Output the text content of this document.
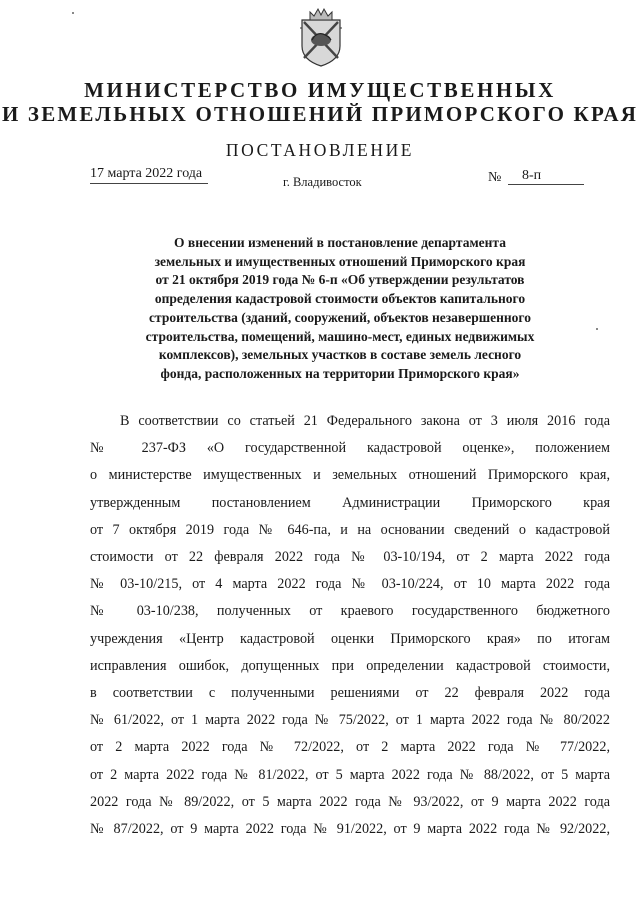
МИНИСТЕРСТВО ИМУЩЕСТВЕННЫХ
И ЗЕМЕЛЬНЫХ ОТНОШЕНИЙ ПРИМОРСКОГО КРАЯ
ПОСТАНОВЛЕНИЕ
17 марта 2022 года
г. Владивосток	№	8-п
О внесении изменений в постановление департамента
земельных и имущественных отношений Приморского края
от 21 октября 2019 года № 6-п «Об утверждении результатов
определения кадастровой стоимости объектов капитального
строительства (зданий, сооружений, объектов незавершенного
строительства, помещений, машино-мест, единых недвижимых
комплексов), земельных участков в составе земель лесного
фонда, расположенных на территории Приморского края»
В соответствии со статьей 21 Федерального закона от 3 июля 2016 года
№ 237-ФЗ «О государственной кадастровой оценке», положением
о министерстве имущественных и земельных отношений Приморского края,
утвержденным постановлением Администрации Приморского края
от 7 октября 2019 года № 646-па, и на основании сведений о кадастровой
стоимости от 22 февраля 2022 года № 03-10/194, от 2 марта 2022 года
№ 03-10/215, от 4 марта 2022 года № 03-10/224, от 10 марта 2022 года
№ 03-10/238, полученных от краевого государственного бюджетного
учреждения «Центр кадастровой оценки Приморского края» по итогам
исправления ошибок, допущенных при определении кадастровой стоимости,
в соответствии с полученными решениями от 22 февраля 2022 года
№ 61/2022, от 1 марта 2022 года № 75/2022, от 1 марта 2022 года № 80/2022
от 2 марта 2022 года № 72/2022, от 2 марта 2022 года № 77/2022,
от 2 марта 2022 года № 81/2022, от 5 марта 2022 года № 88/2022, от 5 марта
2022 года № 89/2022, от 5 марта 2022 года № 93/2022, от 9 марта 2022 года
№ 87/2022, от 9 марта 2022 года № 91/2022, от 9 марта 2022 года № 92/2022,
